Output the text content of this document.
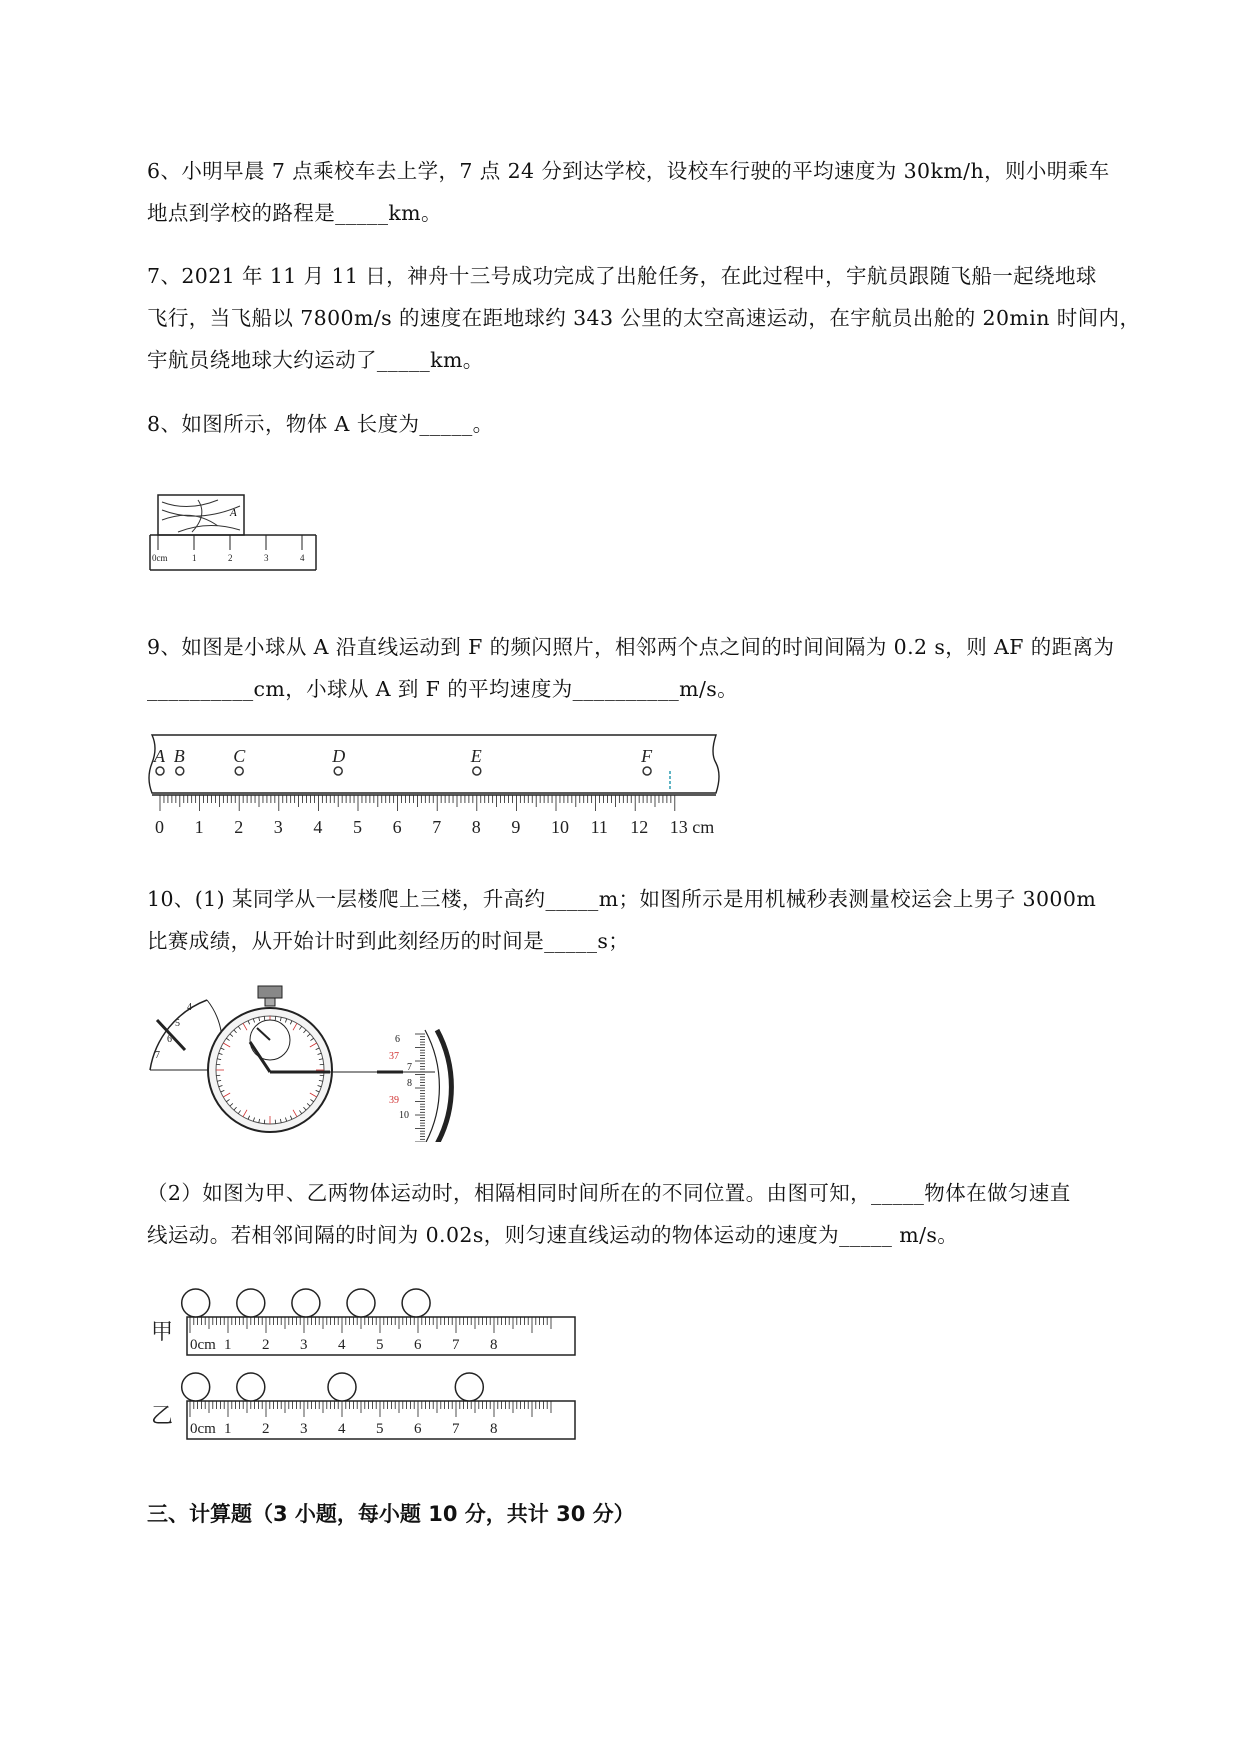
6、小明早晨 7 点乘校车去上学，7 点 24 分到达学校，设校车行驶的平均速度为 30km/h，则小明乘车
地点到学校的路程是_____km。
7、2021 年 11 月 11 日，神舟十三号成功完成了出舱任务，在此过程中，宇航员跟随飞船一起绕地球
飞行，当飞船以 7800m/s 的速度在距地球约 343 公里的太空高速运动，在宇航员出舱的 20min 时间内，
宇航员绕地球大约运动了_____km。
8、如图所示，物体 A 长度为_____。
A
0cm	1	2	3	4
9、如图是小球从 A 沿直线运动到 F 的频闪照片，相邻两个点之间的时间间隔为 0.2 s，则 AF 的距离为
__________cm，小球从 A 到 F 的平均速度为__________m/s。
A B	C	D	E	F
0 1 2 3 4 5 6 7 8 9 10 11 12 13 cm
10、(1) 某同学从一层楼爬上三楼，升高约_____m；如图所示是用机械秒表测量校运会上男子 3000m
比赛成绩，从开始计时到此刻经历的时间是_____s；
4
5
6
7
6
37
7
8
39
10
（2）如图为甲、乙两物体运动时，相隔相同时间所在的不同位置。由图可知，_____物体在做匀速直
线运动。若相邻间隔的时间为 0.02s，则匀速直线运动的物体运动的速度为_____ m/s。
甲
乙
0cm 1 2 3 4 5 6 7 8
0cm 1 2 3 4 5 6 7 8
三、计算题（3 小题，每小题 10 分，共计 30 分）
